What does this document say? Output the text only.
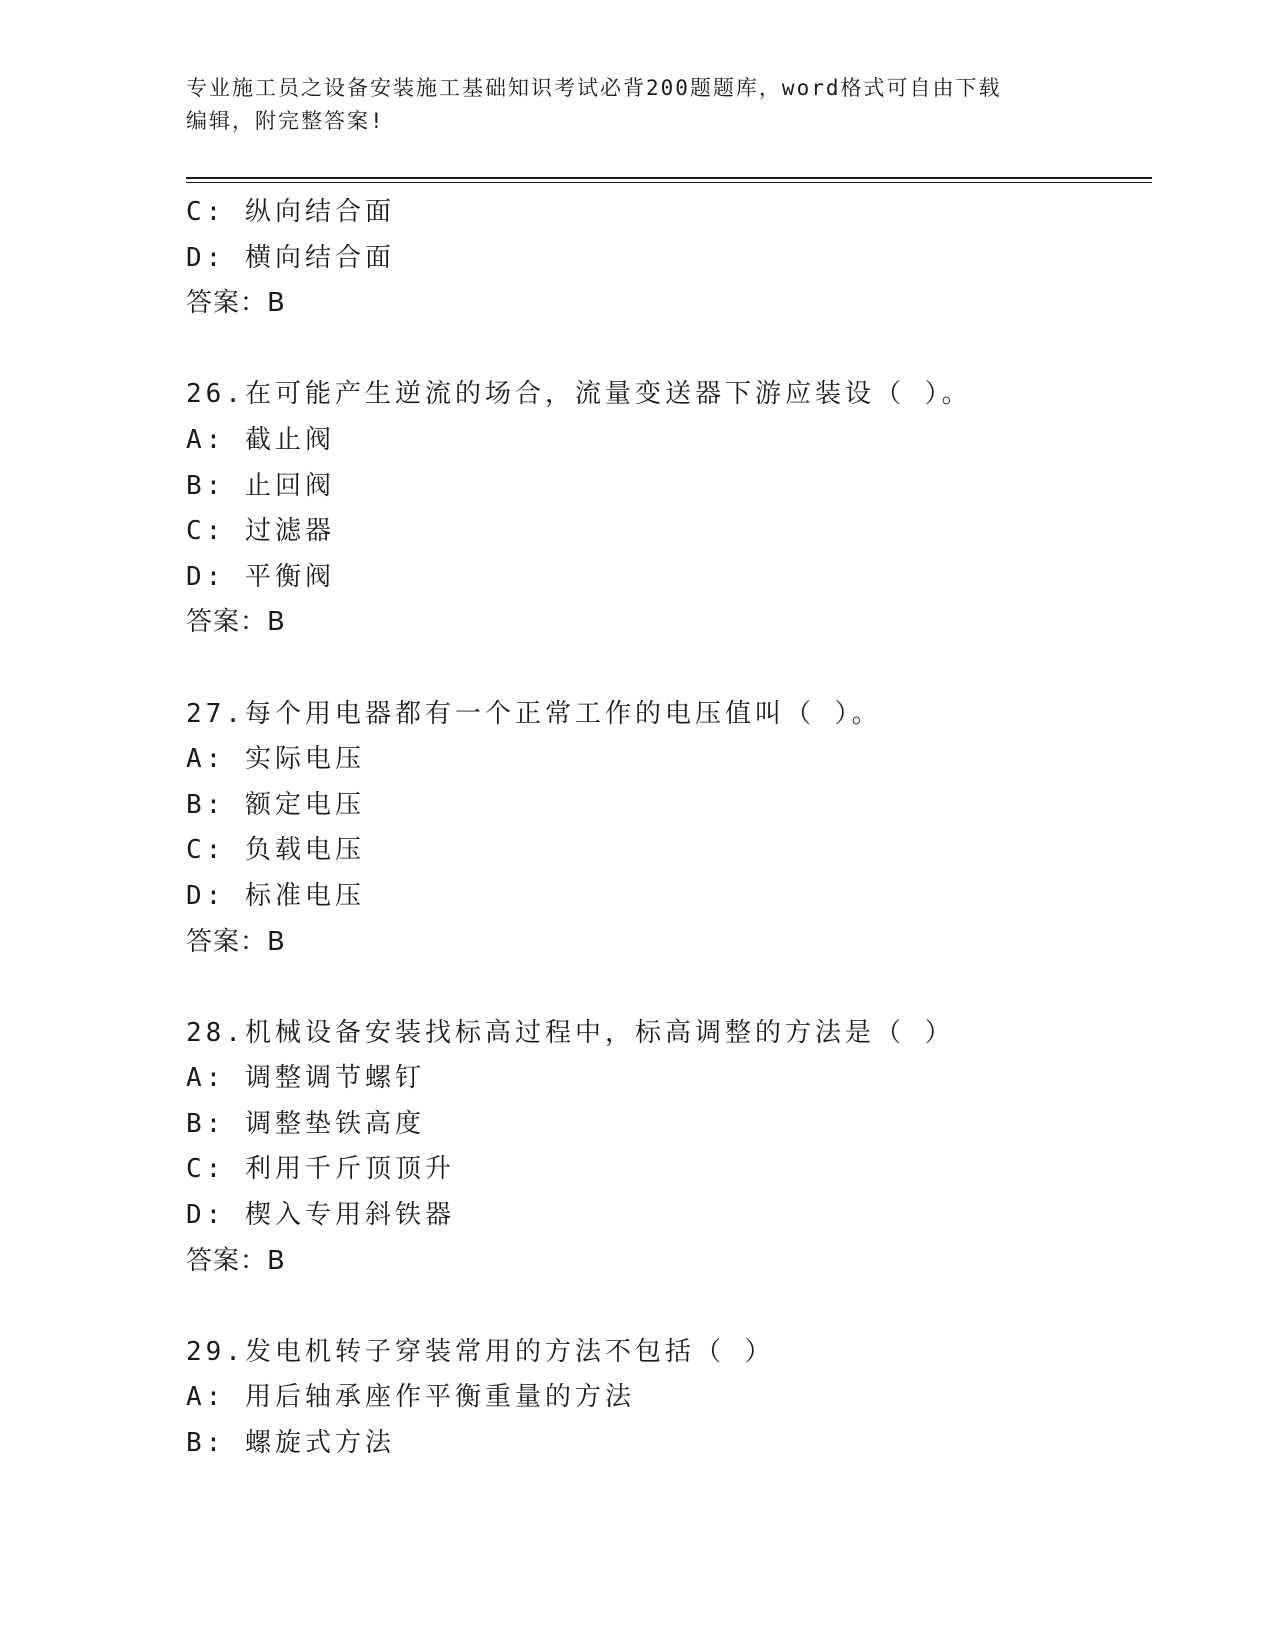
专业施工员之设备安装施工基础知识考试必背200题题库，word格式可自由下载
编辑，附完整答案!
C: 纵向结合面
D: 横向结合面
答案：B
26.在可能产生逆流的场合，流量变送器下游应装设（ ）。
A: 截止阀
B: 止回阀
C: 过滤器
D: 平衡阀
答案：B
27.每个用电器都有一个正常工作的电压值叫（ ）。
A: 实际电压
B: 额定电压
C: 负载电压
D: 标准电压
答案：B
28.机械设备安装找标高过程中，标高调整的方法是（ ）
A: 调整调节螺钉
B: 调整垫铁高度
C: 利用千斤顶顶升
D: 楔入专用斜铁器
答案：B
29.发电机转子穿装常用的方法不包括（ ）
A: 用后轴承座作平衡重量的方法
B: 螺旋式方法
